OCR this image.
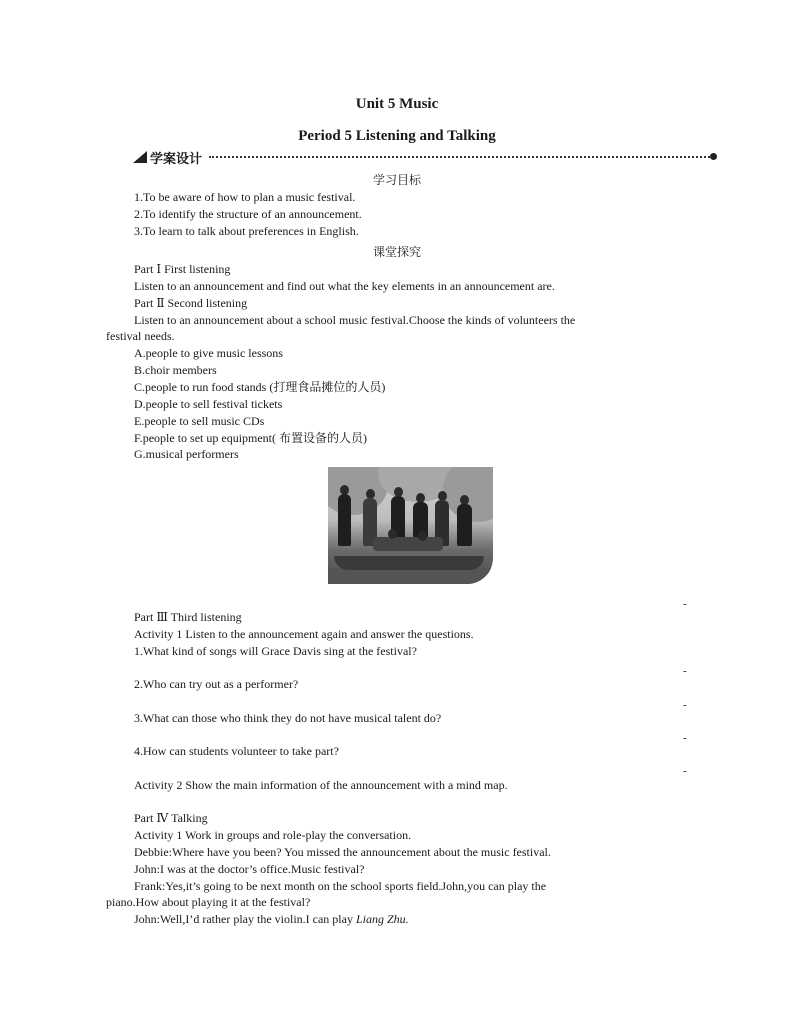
Unit 5 Music
Period 5 Listening and Talking
学案设计
学习目标
1.To be aware of how to plan a music festival.
2.To identify the structure of an announcement.
3.To learn to talk about preferences in English.
课堂探究
Part Ⅰ First listening
Listen to an announcement and find out what the key elements in an announcement are.
Part Ⅱ Second listening
Listen to an announcement about a school music festival.Choose the kinds of volunteers the
festival needs.
A.people to give music lessons
B.choir members
C.people to run food stands (打理食品摊位的人员)
D.people to sell festival tickets
E.people to sell music CDs
F.people to set up equipment( 布置设备的人员)
G.musical performers
-
Part Ⅲ Third listening
Activity 1 Listen to the announcement again and answer the questions.
1.What kind of songs will Grace Davis sing at the festival?
-
2.Who can try out as a performer?
-
3.What can those who think they do not have musical talent do?
-
4.How can students volunteer to take part?
-
Activity 2 Show the main information of the announcement with a mind map.
Part Ⅳ Talking
Activity 1 Work in groups and role-play the conversation.
Debbie:Where have you been? You missed the announcement about the music festival.
John:I was at the doctor’s office.Music festival?
Frank:Yes,it’s going to be next month on the school sports field.John,you can play the
piano.How about playing it at the festival?
John:Well,I’d rather play the violin.I can play Liang Zhu.
